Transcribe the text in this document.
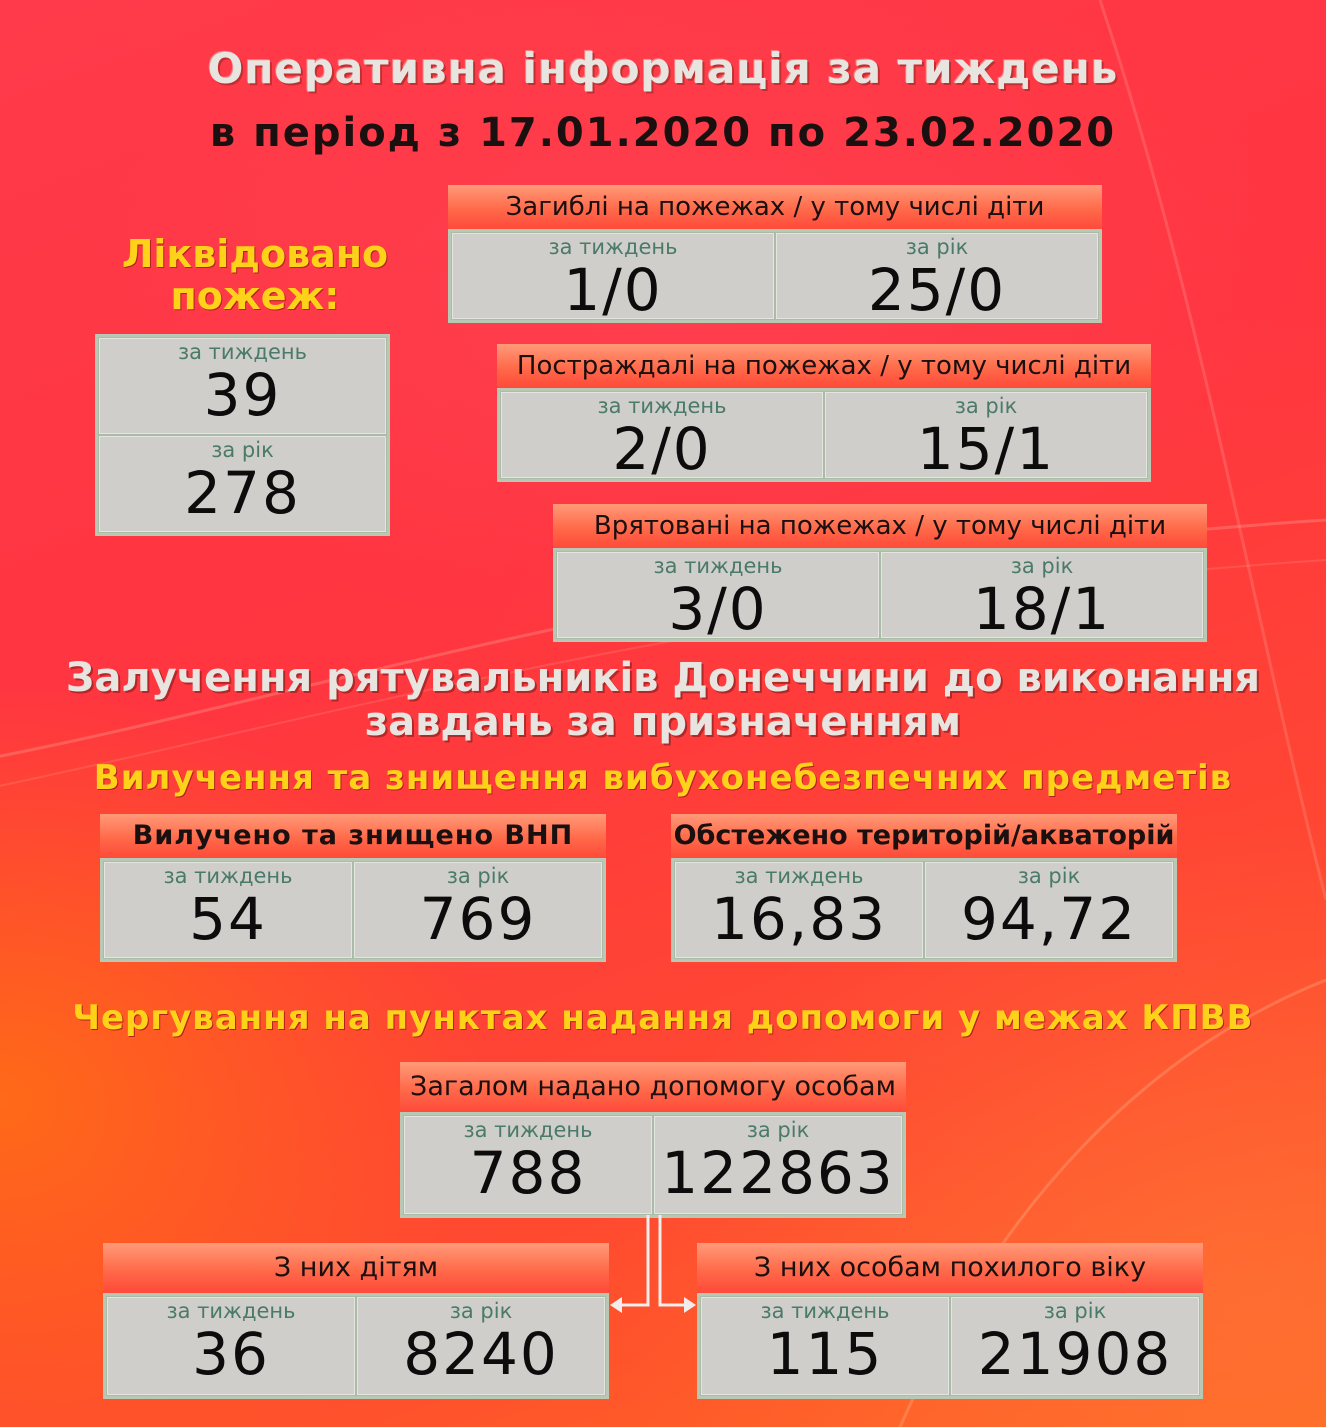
Оперативна інформація за тиждень
в період з 17.01.2020 по 23.02.2020
Ліквідовано
пожеж:
за тиждень
39
за рік
278
Загиблі на пожежах / у тому числі діти
за тиждень
1/0
за рік
25/0
Постраждалі на пожежах / у тому числі діти
за тиждень
2/0
за рік
15/1
Врятовані на пожежах / у тому числі діти
за тиждень
3/0
за рік
18/1
Залучення рятувальників Донеччини до виконання
завдань за призначенням
Вилучення та знищення вибухонебезпечних предметів
Вилучено та знищено ВНП
за тиждень
54
за рік
769
Обстежено територій/акваторій
за тиждень
16,83
за рік
94,72
Чергування на пунктах надання допомоги у межах КПВВ
Загалом надано допомогу особам
за тиждень
788
за рік
122863
З них дітям
за тиждень
36
за рік
8240
З них особам похилого віку
за тиждень
115
за рік
21908
